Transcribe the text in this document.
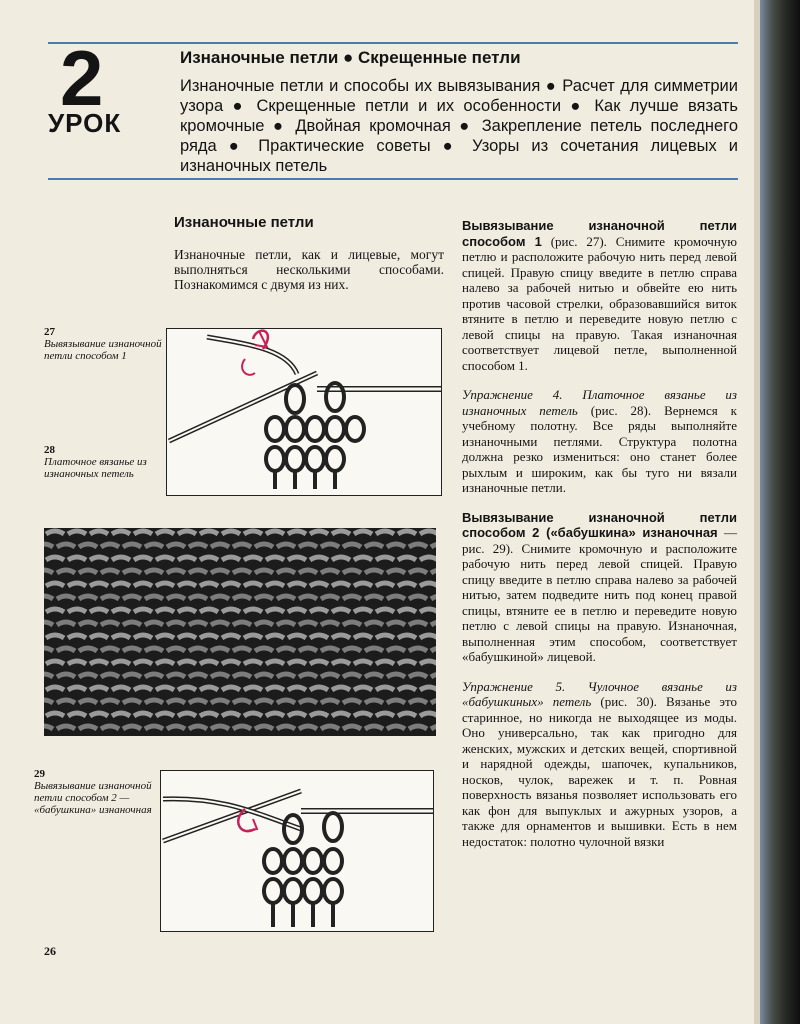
2
УРОК
Изнаночные петли ● Скрещенные петли
Изнаночные петли и способы их вывязывания ● Расчет для симметрии узора ● Скрещенные петли и их особенности ● Как лучше вязать кромочные ● Двойная кромочная ● Закрепление петель последнего ряда ● Практические советы ● Узоры из сочетания лицевых и изнаночных петель
Изнаночные петли

Изнаночные петли, как и лицевые, могут выполняться несколькими способами. Познакомимся с двумя из них.

27
Вывязывание изнаночной петли способом 1
28
Платочное вязанье из изнаночных петель
29
Вывязывание изнаночной петли способом 2 — «бабушкина» изнаночная

Вывязывание изнаночной петли способом 1 (рис. 27). Снимите кромочную петлю и расположите рабочую нить перед левой спицей. Правую спицу введите в петлю справа налево за рабочей нитью и обвейте ею нить против часовой стрелки, образовавшийся виток втяните в петлю и переведите новую петлю с левой спицы на правую. Такая изнаночная соответствует лицевой петле, выполненной способом 1.

Упражнение 4. Платочное вязанье из изнаночных петель (рис. 28). Вернемся к учебному полотну. Все ряды выполняйте изнаночными петлями. Структура полотна должна резко измениться: оно станет более рыхлым и широким, как бы туго ни вязали изнаночные петли.

Вывязывание изнаночной петли способом 2 («бабушкина» изнаночная — рис. 29). Снимите кромочную и расположите рабочую нить перед левой спицей. Правую спицу введите в петлю справа налево за рабочей нитью, затем подведите нить под конец правой спицы, втяните ее в петлю и переведите новую петлю с левой спицы на правую. Изнаночная, выполненная этим способом, соответствует «бабушкиной» лицевой.

Упражнение 5. Чулочное вязанье из «бабушкиных» петель (рис. 30). Вязанье это старинное, но никогда не выходящее из моды. Оно универсально, так как пригодно для женских, мужских и детских вещей, спортивной и нарядной одежды, шапочек, купальников, носков, чулок, варежек и т. п. Ровная поверхность вязанья позволяет использовать его как фон для выпуклых и ажурных узоров, а также для орнаментов и вышивки. Есть в нем недостаток: полотно чулочной вязки

26
